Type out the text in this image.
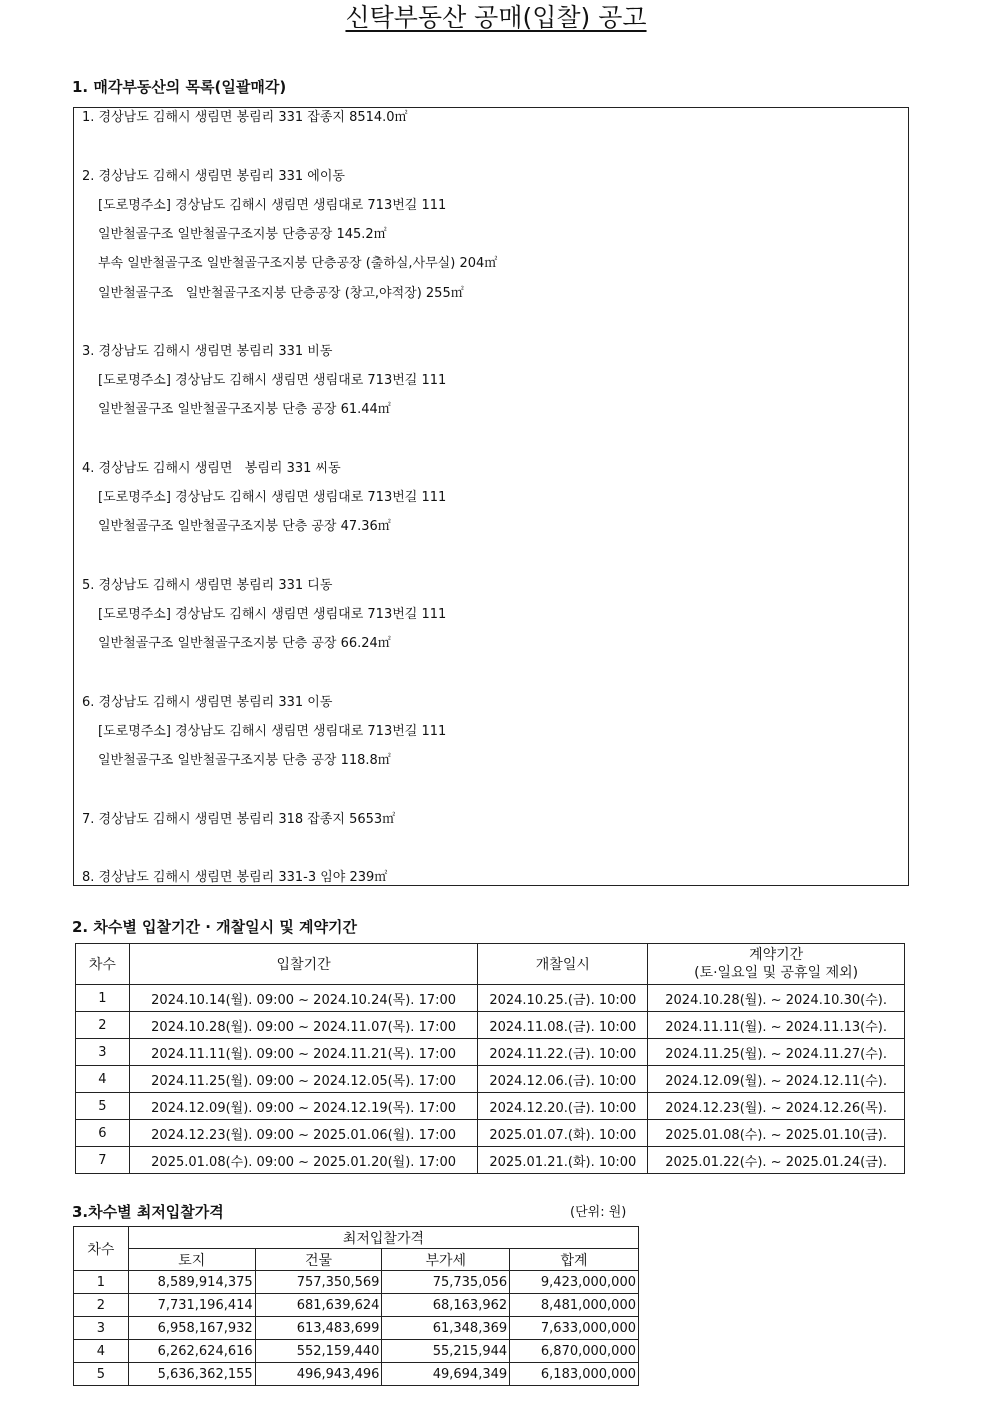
신탁부동산 공매(입찰) 공고
1. 매각부동산의 목록(일괄매각)
1. 경상남도 김해시 생림면 봉림리 331 잡종지 8514.0㎡
2. 경상남도 김해시 생림면 봉림리 331 에이동
[도로명주소] 경상남도 김해시 생림면 생림대로 713번길 111
일반철골구조 일반철골구조지붕 단층공장 145.2㎡
부속 일반철골구조 일반철골구조지붕 단층공장 (출하실,사무실) 204㎡
일반철골구조   일반철골구조지붕 단층공장 (창고,야적장) 255㎡
3. 경상남도 김해시 생림면 봉림리 331 비동
[도로명주소] 경상남도 김해시 생림면 생림대로 713번길 111
일반철골구조 일반철골구조지붕 단층 공장 61.44㎡
4. 경상남도 김해시 생림면   봉림리 331 씨동
[도로명주소] 경상남도 김해시 생림면 생림대로 713번길 111
일반철골구조 일반철골구조지붕 단층 공장 47.36㎡
5. 경상남도 김해시 생림면 봉림리 331 디동
[도로명주소] 경상남도 김해시 생림면 생림대로 713번길 111
일반철골구조 일반철골구조지붕 단층 공장 66.24㎡
6. 경상남도 김해시 생림면 봉림리 331 이동
[도로명주소] 경상남도 김해시 생림면 생림대로 713번길 111
일반철골구조 일반철골구조지붕 단층 공장 118.8㎡
7. 경상남도 김해시 생림면 봉림리 318 잡종지 5653㎡
8. 경상남도 김해시 생림면 봉림리 331-3 임야 239㎡
2. 차수별 입찰기간 · 개찰일시 및 계약기간
차수	입찰기간	개찰일시	계약기간
(토·일요일 및 공휴일 제외)

1	2024.10.14(월). 09:00 ~ 2024.10.24(목). 17:00	2024.10.25.(금). 10:00	2024.10.28(월). ~ 2024.10.30(수).
2	2024.10.28(월). 09:00 ~ 2024.11.07(목). 17:00	2024.11.08.(금). 10:00	2024.11.11(월). ~ 2024.11.13(수).
3	2024.11.11(월). 09:00 ~ 2024.11.21(목). 17:00	2024.11.22.(금). 10:00	2024.11.25(월). ~ 2024.11.27(수).
4	2024.11.25(월). 09:00 ~ 2024.12.05(목). 17:00	2024.12.06.(금). 10:00	2024.12.09(월). ~ 2024.12.11(수).
5	2024.12.09(월). 09:00 ~ 2024.12.19(목). 17:00	2024.12.20.(금). 10:00	2024.12.23(월). ~ 2024.12.26(목).
6	2024.12.23(월). 09:00 ~ 2025.01.06(월). 17:00	2025.01.07.(화). 10:00	2025.01.08(수). ~ 2025.01.10(금).
7	2025.01.08(수). 09:00 ~ 2025.01.20(월). 17:00	2025.01.21.(화). 10:00	2025.01.22(수). ~ 2025.01.24(금).
3.차수별 최저입찰가격	(단위: 원)
차수	최저입찰가격			
	토지	건물	부가세	합계
1	8,589,914,375	757,350,569	75,735,056	9,423,000,000
2	7,731,196,414	681,639,624	68,163,962	8,481,000,000
3	6,958,167,932	613,483,699	61,348,369	7,633,000,000
4	6,262,624,616	552,159,440	55,215,944	6,870,000,000
5	5,636,362,155	496,943,496	49,694,349	6,183,000,000
